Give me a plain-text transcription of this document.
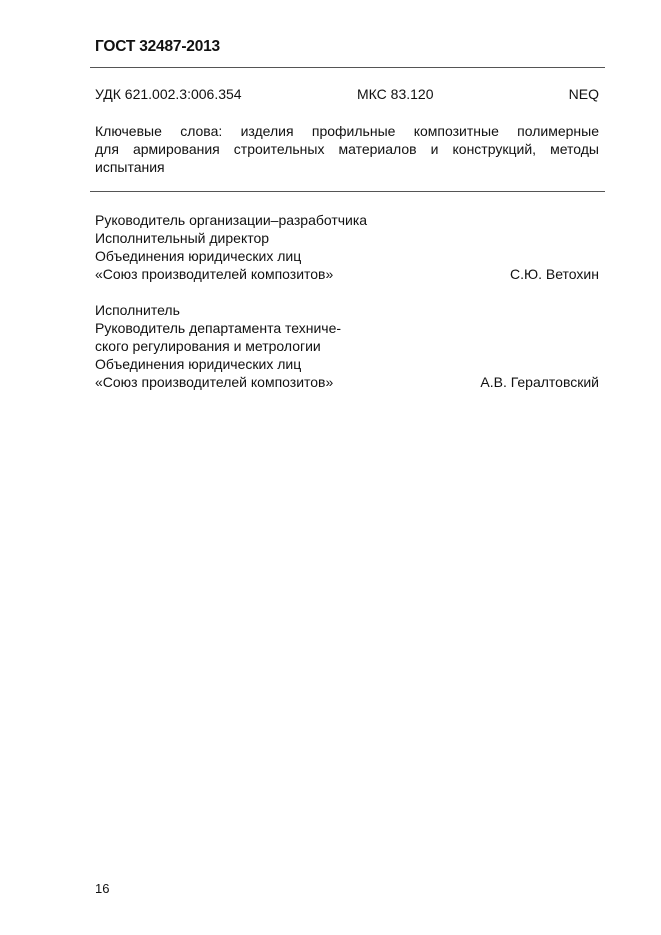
ГОСТ 32487-2013
УДК 621.002.3:006.354	МКС 83.120	NEQ
Ключевые слова: изделия профильные композитные полимерные
для армирования строительных материалов и конструкций, методы
испытания
Руководитель организации–разработчика
Исполнительный директор
Объединения юридических лиц
«Союз производителей композитов»	С.Ю. Ветохин
Исполнитель
Руководитель департамента техниче-
ского регулирования и метрологии
Объединения юридических лиц
«Союз производителей композитов»	А.В. Гералтовский
16
